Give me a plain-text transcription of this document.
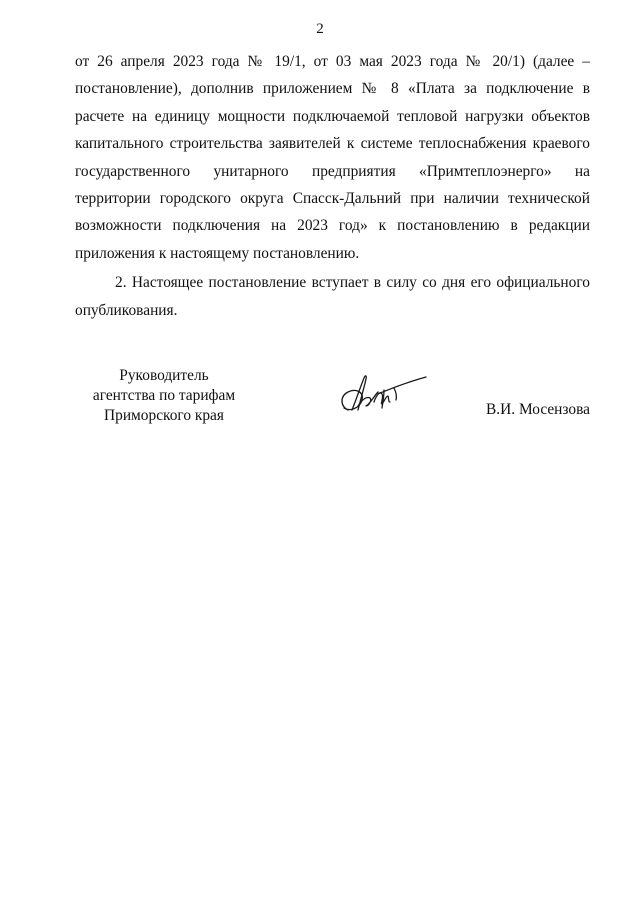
2

от 26 апреля 2023 года № 19/1, от 03 мая 2023 года № 20/1) (далее – постановление), дополнив приложением № 8 «Плата за подключение в расчете на единицу мощности подключаемой тепловой нагрузки объектов капитального строительства заявителей к системе теплоснабжения краевого государственного унитарного предприятия «Примтеплоэнерго» на территории городского округа Спасск-Дальний при наличии технической возможности подключения на 2023 год» к постановлению в редакции приложения к настоящему постановлению.

2. Настоящее постановление вступает в силу со дня его официального опубликования.

Руководитель
агентства по тарифам
Приморского края	В.И. Мосензова
